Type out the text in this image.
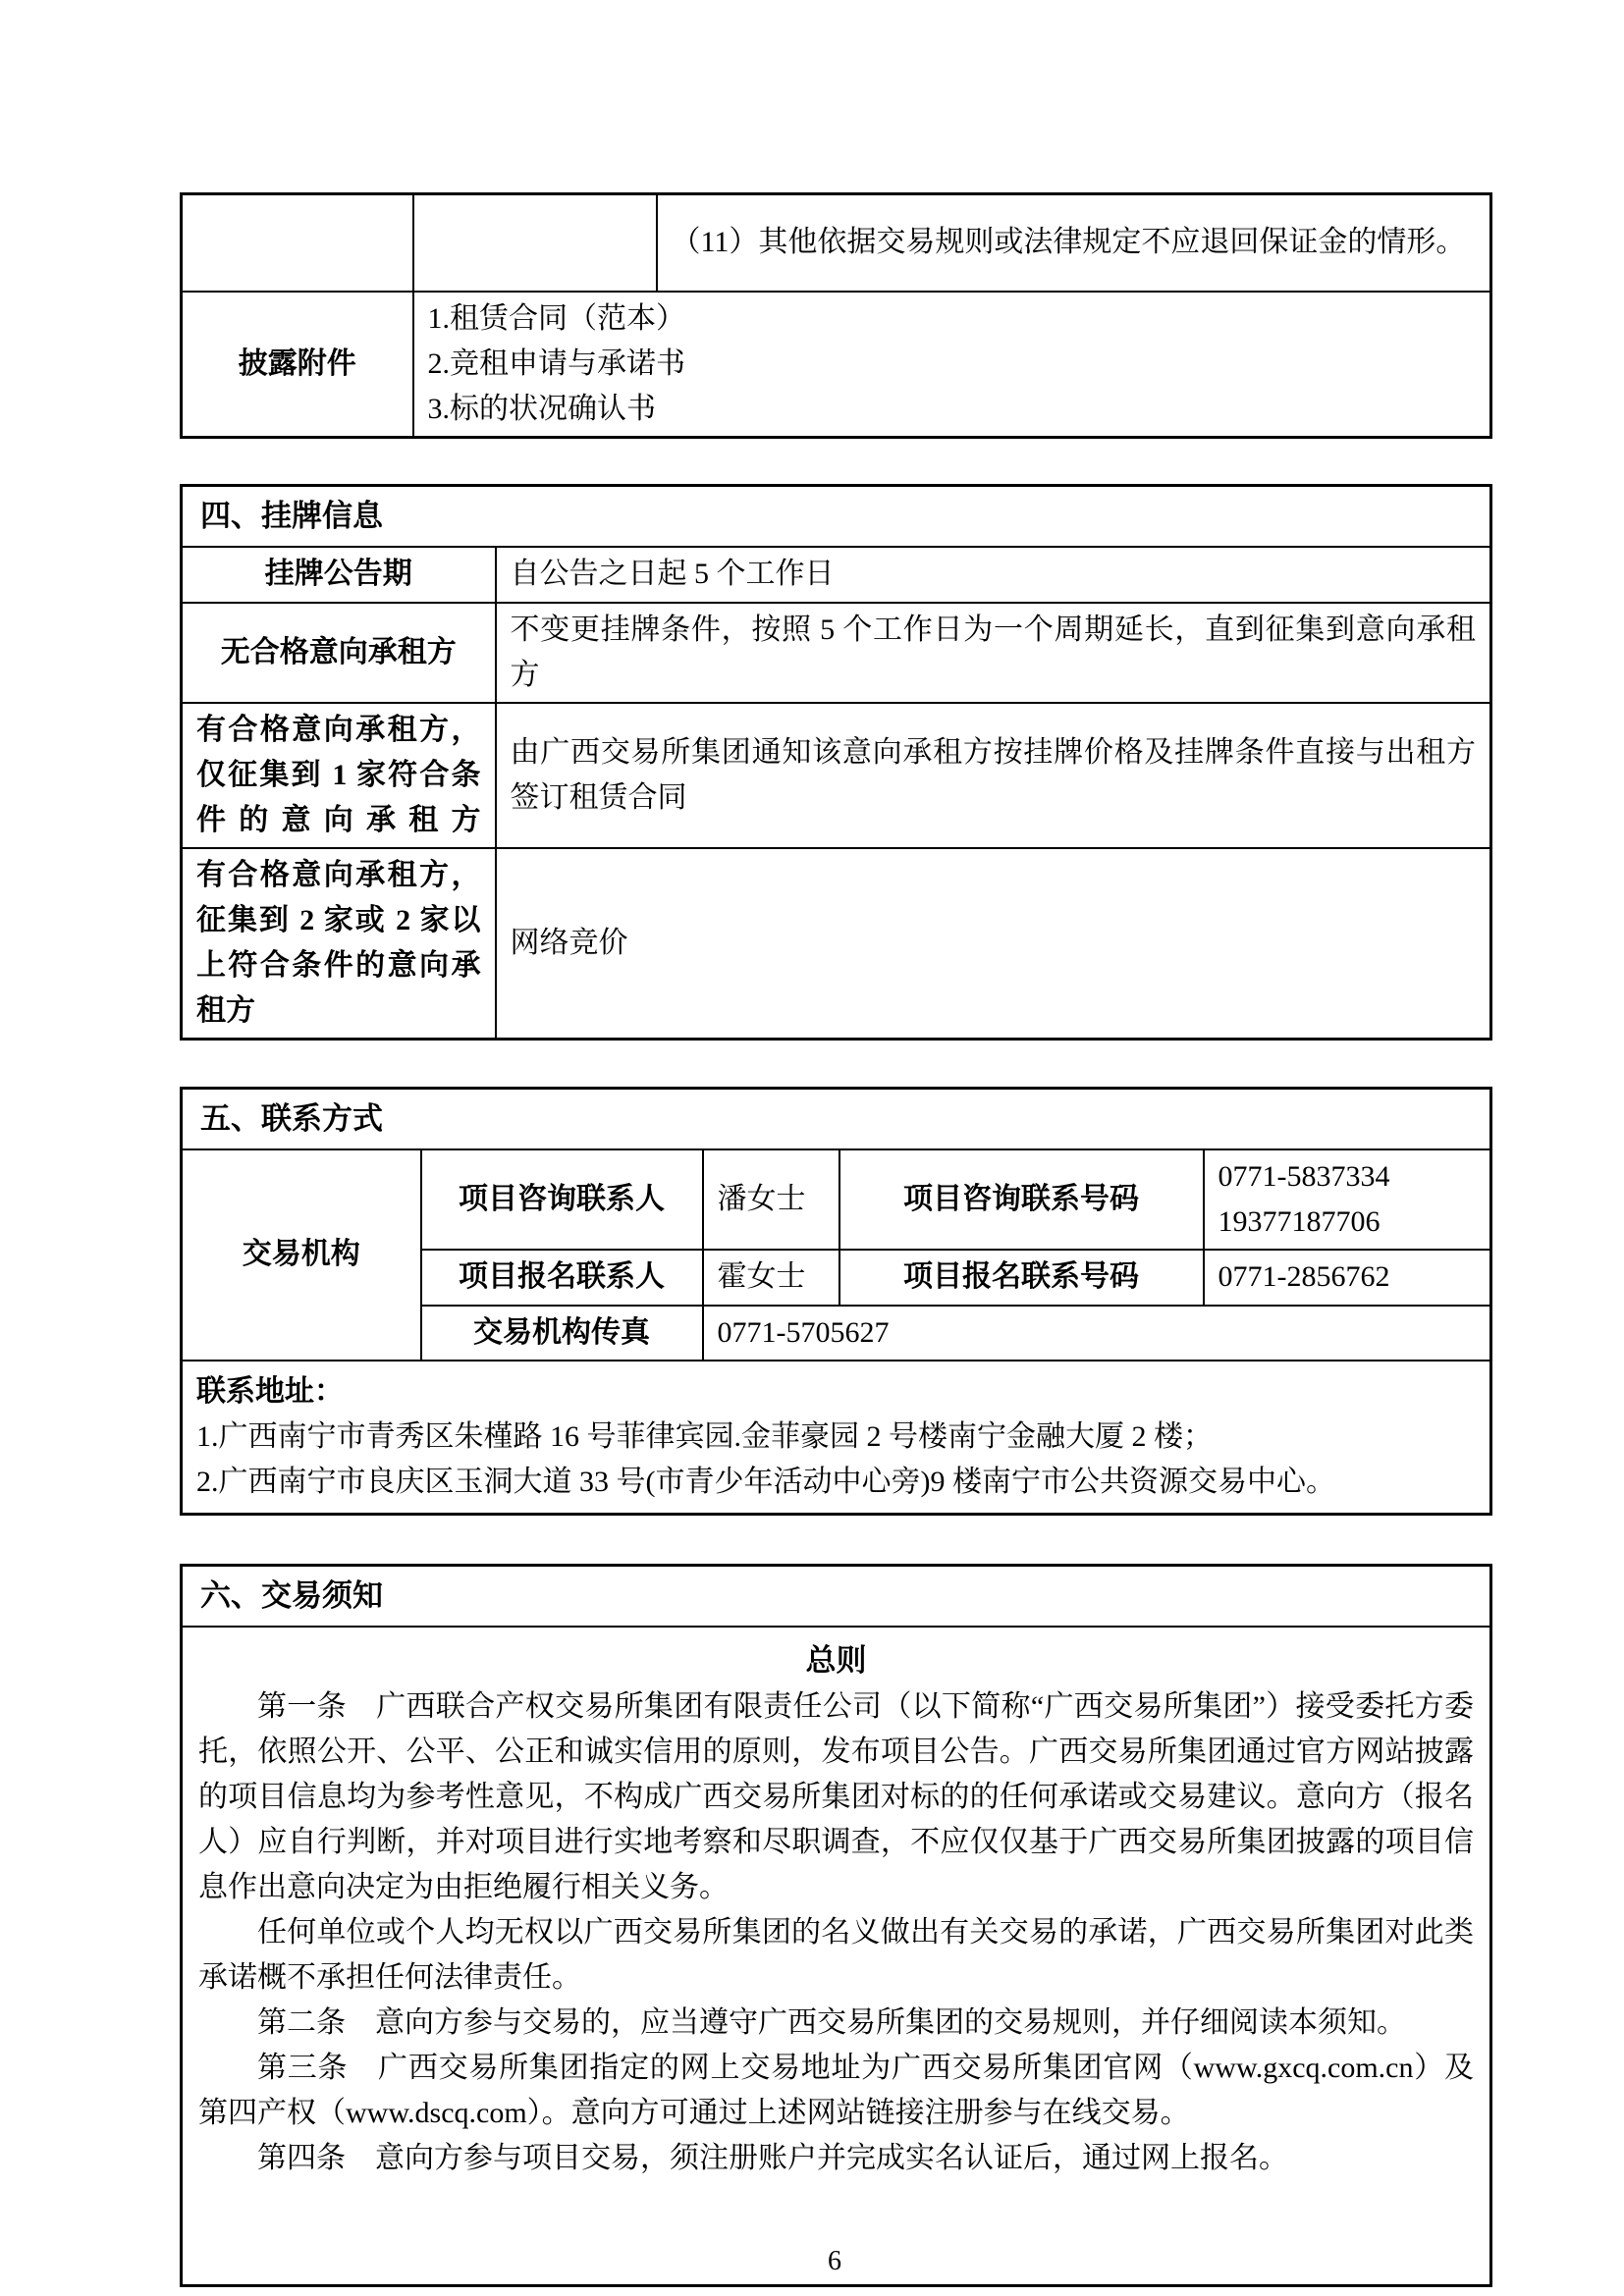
		（11）其他依据交易规则或法律规定不应退回保证金的情形。
披露附件	1.租赁合同（范本）
2.竞租申请与承诺书
3.标的状况确认书	
四、挂牌信息	
挂牌公告期	自公告之日起 5 个工作日
无合格意向承租方	不变更挂牌条件，按照 5 个工作日为一个周期延长，直到征集到意向承租方
有合格意向承租方，仅征集到 1 家符合条件的意向承租方	由广西交易所集团通知该意向承租方按挂牌价格及挂牌条件直接与出租方签订租赁合同
有合格意向承租方，征集到 2 家或 2 家以上符合条件的意向承租方	网络竞价
五、联系方式				
交易机构	项目咨询联系人	潘女士	项目咨询联系号码	0771-5837334
19377187706

	项目报名联系人	霍女士	项目报名联系号码	0771-2856762
	交易机构传真	0771-5705627		

联系地址：
1.广西南宁市青秀区朱槿路 16 号菲律宾园.金菲豪园 2 号楼南宁金融大厦 2 楼；
2.广西南宁市良庆区玉洞大道 33 号(市青少年活动中心旁)9 楼南宁市公共资源交易中心。				
六、交易须知

总则

第一条　广西联合产权交易所集团有限责任公司（以下简称“广西交易所集团”）接受委托方委托，依照公开、公平、公正和诚实信用的原则，发布项目公告。广西交易所集团通过官方网站披露的项目信息均为参考性意见，不构成广西交易所集团对标的的任何承诺或交易建议。意向方（报名人）应自行判断，并对项目进行实地考察和尽职调查，不应仅仅基于广西交易所集团披露的项目信息作出意向决定为由拒绝履行相关义务。

任何单位或个人均无权以广西交易所集团的名义做出有关交易的承诺，广西交易所集团对此类承诺概不承担任何法律责任。

第二条　意向方参与交易的，应当遵守广西交易所集团的交易规则，并仔细阅读本须知。

第三条　广西交易所集团指定的网上交易地址为广西交易所集团官网（www.gxcq.com.cn）及第四产权（www.dscq.com）。意向方可通过上述网站链接注册参与在线交易。

第四条　意向方参与项目交易，须注册账户并完成实名认证后，通过网上报名。

6
